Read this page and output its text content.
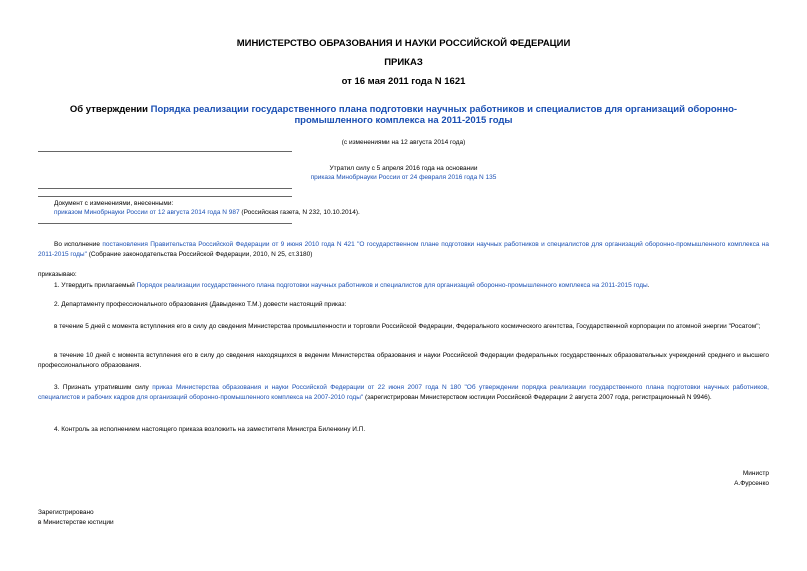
МИНИСТЕРСТВО ОБРАЗОВАНИЯ И НАУКИ РОССИЙСКОЙ ФЕДЕРАЦИИ
ПРИКАЗ
от 16 мая 2011 года N 1621
Об утверждении Порядка реализации государственного плана подготовки научных работников и специалистов для организаций оборонно-промышленного комплекса на 2011-2015 годы
(с изменениями на 12 августа 2014 года)
Утратил силу с 5 апреля 2016 года на основании
приказа Минобрнауки России от 24 февраля 2016 года N 135
Документ с изменениями, внесенными:
приказом Минобрнауки России от 12 августа 2014 года N 987 (Российская газета, N 232, 10.10.2014).
Во исполнение постановления Правительства Российской Федерации от 9 июня 2010 года N 421 "О государственном плане подготовки научных работников и специалистов для организаций оборонно-промышленного комплекса на 2011-2015 годы" (Собрание законодательства Российской Федерации, 2010, N 25, ст.3180)
приказываю:
1. Утвердить прилагаемый Порядок реализации государственного плана подготовки научных работников и специалистов для организаций оборонно-промышленного комплекса на 2011-2015 годы.
2. Департаменту профессионального образования (Давыденко Т.М.) довести настоящий приказ:
в течение 5 дней с момента вступления его в силу до сведения Министерства промышленности и торговли Российской Федерации, Федерального космического агентства, Государственной корпорации по атомной энергии "Росатом";
в течение 10 дней с момента вступления его в силу до сведения находящихся в ведении Министерства образования и науки Российской Федерации федеральных государственных образовательных учреждений среднего и высшего профессионального образования.
3. Признать утратившим силу приказ Министерства образования и науки Российской Федерации от 22 июня 2007 года N 180 "Об утверждении порядка реализации государственного плана подготовки научных работников, специалистов и рабочих кадров для организаций оборонно-промышленного комплекса на 2007-2010 годы" (зарегистрирован Министерством юстиции Российской Федерации 2 августа 2007 года, регистрационный N 9946).
4. Контроль за исполнением настоящего приказа возложить на заместителя Министра Биленкину И.П.
Министр
А.Фурсенко
Зарегистрировано
в Министерстве юстиции
